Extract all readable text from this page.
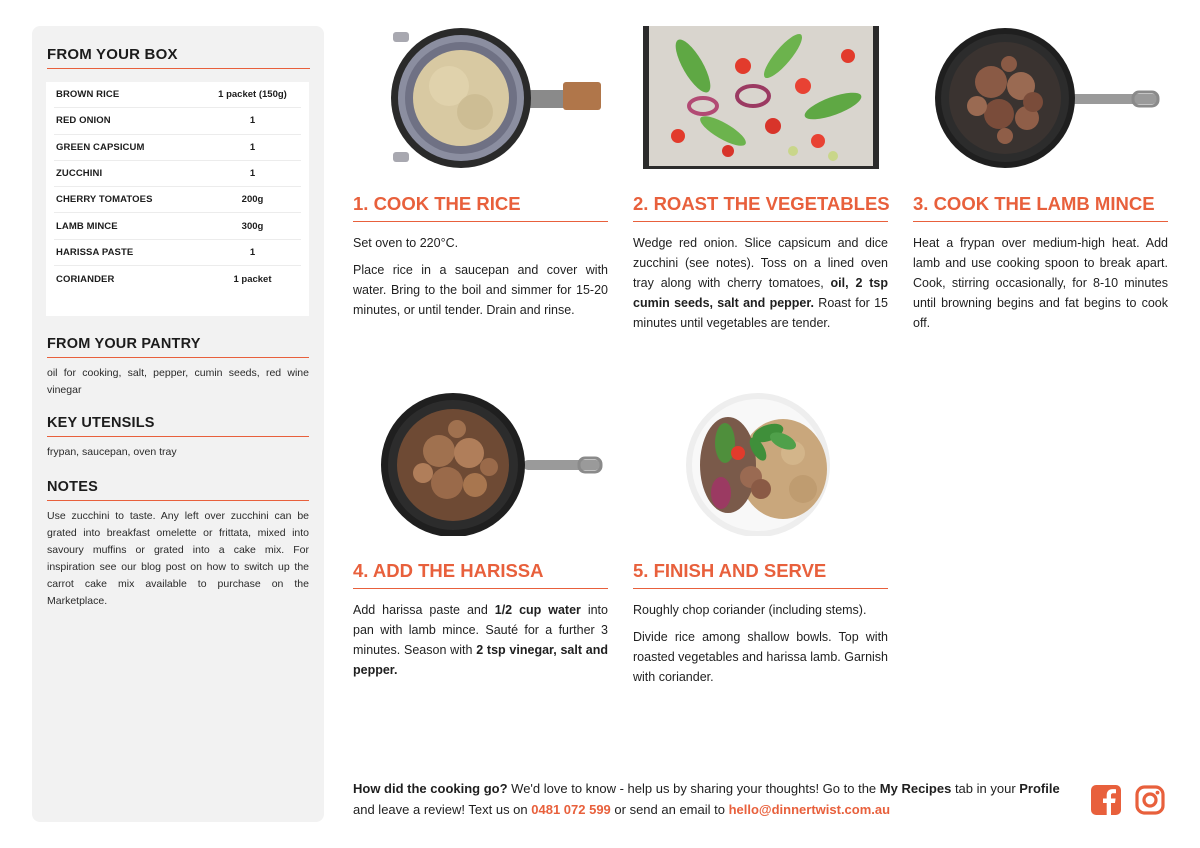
FROM YOUR BOX
BROWN RICE	1 packet (150g)
RED ONION	1
GREEN CAPSICUM	1
ZUCCHINI	1
CHERRY TOMATOES	200g
LAMB MINCE	300g
HARISSA PASTE	1
CORIANDER	1 packet
FROM YOUR PANTRY
oil for cooking, salt, pepper, cumin seeds, red wine vinegar
KEY UTENSILS
frypan, saucepan, oven tray
NOTES
Use zucchini to taste. Any left over zucchini can be grated into breakfast omelette or frittata, mixed into savoury muffins or grated into a cake mix. For inspiration see our blog post on how to switch up the carrot cake mix available to purchase on the Marketplace.
1. COOK THE RICE

Set oven to 220°C.

Place rice in a saucepan and cover with water. Bring to the boil and simmer for 15-20 minutes, or until tender. Drain and rinse.

2. ROAST THE VEGETABLES

Wedge red onion. Slice capsicum and dice zucchini (see notes). Toss on a lined oven tray along with cherry tomatoes, oil, 2 tsp cumin seeds, salt and pepper. Roast for 15 minutes until vegetables are tender.

3. COOK THE LAMB MINCE

Heat a frypan over medium-high heat. Add lamb and use cooking spoon to break apart. Cook, stirring occasionally, for 8-10 minutes until browning begins and fat begins to cook off.

4. ADD THE HARISSA

Add harissa paste and 1/2 cup water into pan with lamb mince. Sauté for a further 3 minutes. Season with 2 tsp vinegar, salt and pepper.

5. FINISH AND SERVE

Roughly chop coriander (including stems).

Divide rice among shallow bowls. Top with roasted vegetables and harissa lamb. Garnish with coriander.

How did the cooking go? We'd love to know - help us by sharing your thoughts! Go to the My Recipes tab in your Profile and leave a review! Text us on 0481 072 599 or send an email to hello@dinnertwist.com.au
